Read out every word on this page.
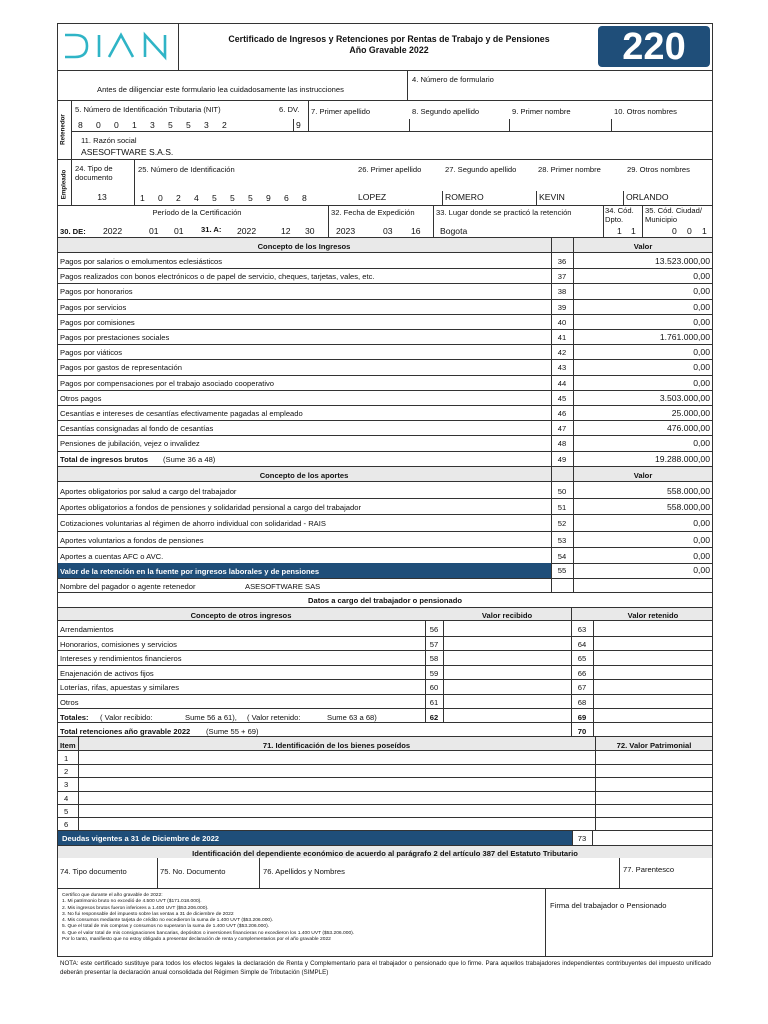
Certificado de Ingresos y Retenciones por Rentas de Trabajo y de Pensiones
Año Gravable 2022	220
Antes de diligenciar este formulario lea cuidadosamente las instrucciones
4. Número de formulario
Retenedor
5. Número de Identificación Tributaria (NIT)	6. DV. 7. Primer apellido	8. Segundo apellido	9. Primer nombre	10. Otros nombres
8 0 0 1 3 5 5 3 2	9
11. Razón social
ASESOFTWARE S.A.S.
Empleado
24. Tipo de documento
25. Número de Identificación	26. Primer apellido	27. Segundo apellido	28. Primer nombre	29. Otros nombres
13	1 0 2 4 5 5 5 9 6 8	LOPEZ	ROMERO	KEVIN	ORLANDO
Período de la Certificación
30. DE: 2022	01 01 31. A: 2022	12 30
32. Fecha de Expedición
2023	03 16
33. Lugar donde se practicó la retención
Bogota
34. Cód. Dpto.
1 1
35. Cód. Ciudad/ Municipio
0 0 1
Concepto de los Ingresos	Valor
Pagos por salarios o emolumentos eclesiásticos	36	13.523.000,00
Pagos realizados con bonos electrónicos o de papel de servicio, cheques, tarjetas, vales, etc.	37	0,00
Pagos por honorarios	38	0,00
Pagos por servicios	39	0,00
Pagos por comisiones	40	0,00
Pagos por prestaciones sociales	41	1.761.000,00
Pagos por viáticos	42	0,00
Pagos por gastos de representación	43	0,00
Pagos por compensaciones por el trabajo asociado cooperativo	44	0,00
Otros pagos	45	3.503.000,00
Cesantías e intereses de cesantías efectivamente pagadas al empleado	46	25.000,00
Cesantías consignadas al fondo de cesantías	47	476.000,00
Pensiones de jubilación, vejez o invalidez	48	0,00
Total de ingresos brutos (Sume 36 a 48)	49	19.288.000,00
Concepto de los aportes	Valor
Aportes obligatorios por salud a cargo del trabajador	50	558.000,00
Aportes obligatorios a fondos de pensiones y solidaridad pensional a cargo del trabajador	51	558.000,00
Cotizaciones voluntarias al régimen de ahorro individual con solidaridad - RAIS	52	0,00
Aportes voluntarios a fondos de pensiones	53	0,00
Aportes a cuentas AFC o AVC.	54	0,00
Valor de la retención en la fuente por ingresos laborales y de pensiones	55	0,00
Nombre del pagador o agente retenedor	ASESOFTWARE SAS
Datos a cargo del trabajador o pensionado
Concepto de otros ingresos	Valor recibido	Valor retenido
Arrendamientos	56	63
Honorarios, comisiones y servicios	57	64
Intereses y rendimientos financieros	58	65
Enajenación de activos fijos	59	66
Loterías, rifas, apuestas y similares	60	67
Otros	61	68
Totales: ( Valor recibido:	Sume 56 a 61), ( Valor retenido:	Sume 63 a 68)	62	69
Total retenciones año gravable 2022 (Sume 55 + 69)	70
Item	71. Identificación de los bienes poseídos	72. Valor Patrimonial
1
2
3
4
5
6
Deudas vigentes a 31 de Diciembre de 2022	73
Identificación del dependiente económico de acuerdo al parágrafo 2 del artículo 387 del Estatuto Tributario
74. Tipo documento	75. No. Documento	76. Apellidos y Nombres	77. Parentesco
Certifico que durante el año gravable de 2022:
1. Mi patrimonio bruto no excedió de 4.500 UVT ($171.018.000).
2. Mis ingresos brutos fueron inferiores a 1.400 UVT ($53.206.000).
3. No fui responsable del impuesto sobre las ventas a 31 de diciembre de 2022
4. Mis consumos mediante tarjeta de crédito no excedieron la suma de 1.400 UVT ($53.206.000).
5. Que el total de mis compras y consumos no superaron la suma de 1.400 UVT ($53.206.000).
6. Que el valor total de mis consignaciones bancarias, depósitos o inversiones financieras no excedieron los 1.400 UVT ($53.206.000).
Por lo tanto, manifiesto que no estoy obligado a presentar declaración de renta y complementarios por el año gravable 2022
Firma del trabajador o Pensionado
NOTA: este certificado sustituye para todos los efectos legales la declaración de Renta y Complementario para el trabajador o pensionado que lo firme. Para aquellos trabajadores independientes contribuyentes del impuesto unificado deberán presentar la declaración anual consolidada del Régimen Simple de Tributación (SIMPLE)
